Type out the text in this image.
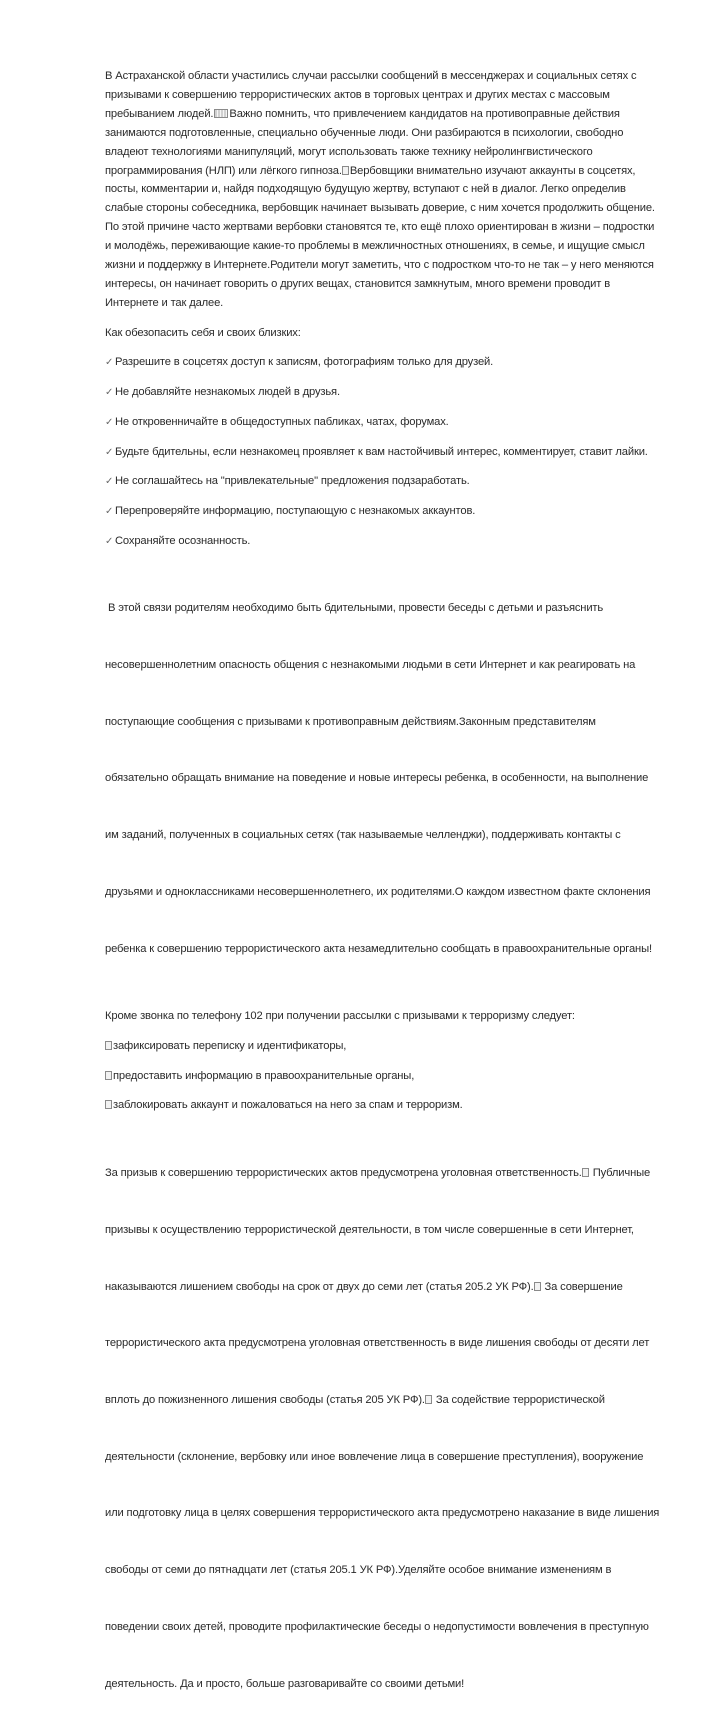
В Астраханской области участились случаи рассылки сообщений в мессенджерах и социальных сетях с
призывами к совершению террористических актов в торговых центрах и других местах с массовым
пребыванием людей. Важно помнить, что привлечением кандидатов на противоправные действия
занимаются подготовленные, специально обученные люди. Они разбираются в психологии, свободно
владеют технологиями манипуляций, могут использовать также технику нейролингвистического
программирования (НЛП) или лёгкого гипноза. Вербовщики внимательно изучают аккаунты в соцсетях,
посты, комментарии и, найдя подходящую будущую жертву, вступают с ней в диалог. Легко определив
слабые стороны собеседника, вербовщик начинает вызывать доверие, с ним хочется продолжить общение.
По этой причине часто жертвами вербовки становятся те, кто ещё плохо ориентирован в жизни – подростки
и молодёжь, переживающие какие-то проблемы в межличностных отношениях, в семье, и ищущие смысл
жизни и поддержку в Интернете.Родители могут заметить, что с подростком что-то не так – у него меняются
интересы, он начинает говорить о других вещах, становится замкнутым, много времени проводит в
Интернете и так далее.

Как обезопасить себя и своих близких:

✓ Разрешите в соцсетях доступ к записям, фотографиям только для друзей.

✓ Не добавляйте незнакомых людей в друзья.

✓ Не откровенничайте в общедоступных пабликах, чатах, форумах.

✓ Будьте бдительны, если незнакомец проявляет к вам настойчивый интерес, комментирует, ставит лайки.

✓ Не соглашайтесь на "привлекательные" предложения подзаработать.

✓ Перепроверяйте информацию, поступающую с незнакомых аккаунтов.

✓ Сохраняйте осознанность.

В этой связи родителям необходимо быть бдительными, провести беседы с детьми и разъяснить

несовершеннолетним опасность общения с незнакомыми людьми в сети Интернет и как реагировать на

поступающие сообщения с призывами к противоправным действиям.Законным представителям

обязательно обращать внимание на поведение и новые интересы ребенка, в особенности, на выполнение

им заданий, полученных в социальных сетях (так называемые челленджи), поддерживать контакты с

друзьями и одноклассниками несовершеннолетнего, их родителями.О каждом известном факте склонения

ребенка к совершению террористического акта незамедлительно сообщать в правоохранительные органы!

Кроме звонка по телефону 102 при получении рассылки с призывами к терроризму следует:

зафиксировать переписку и идентификаторы,

предоставить информацию в правоохранительные органы,

заблокировать аккаунт и пожаловаться на него за спам и терроризм.

За призыв к совершению террористических актов предусмотрена уголовная ответственность. Публичные

призывы к осуществлению террористической деятельности, в том числе совершенные в сети Интернет,

наказываются лишением свободы на срок от двух до семи лет (статья 205.2 УК РФ). За совершение

террористического акта предусмотрена уголовная ответственность в виде лишения свободы от десяти лет

вплоть до пожизненного лишения свободы (статья 205 УК РФ). За содействие террористической

деятельности (склонение, вербовку или иное вовлечение лица в совершение преступления), вооружение

или подготовку лица в целях совершения террористического акта предусмотрено наказание в виде лишения

свободы от семи до пятнадцати лет (статья 205.1 УК РФ).Уделяйте особое внимание изменениям в

поведении своих детей, проводите профилактические беседы о недопустимости вовлечения в преступную

деятельность. Да и просто, больше разговаривайте со своими детьми!
